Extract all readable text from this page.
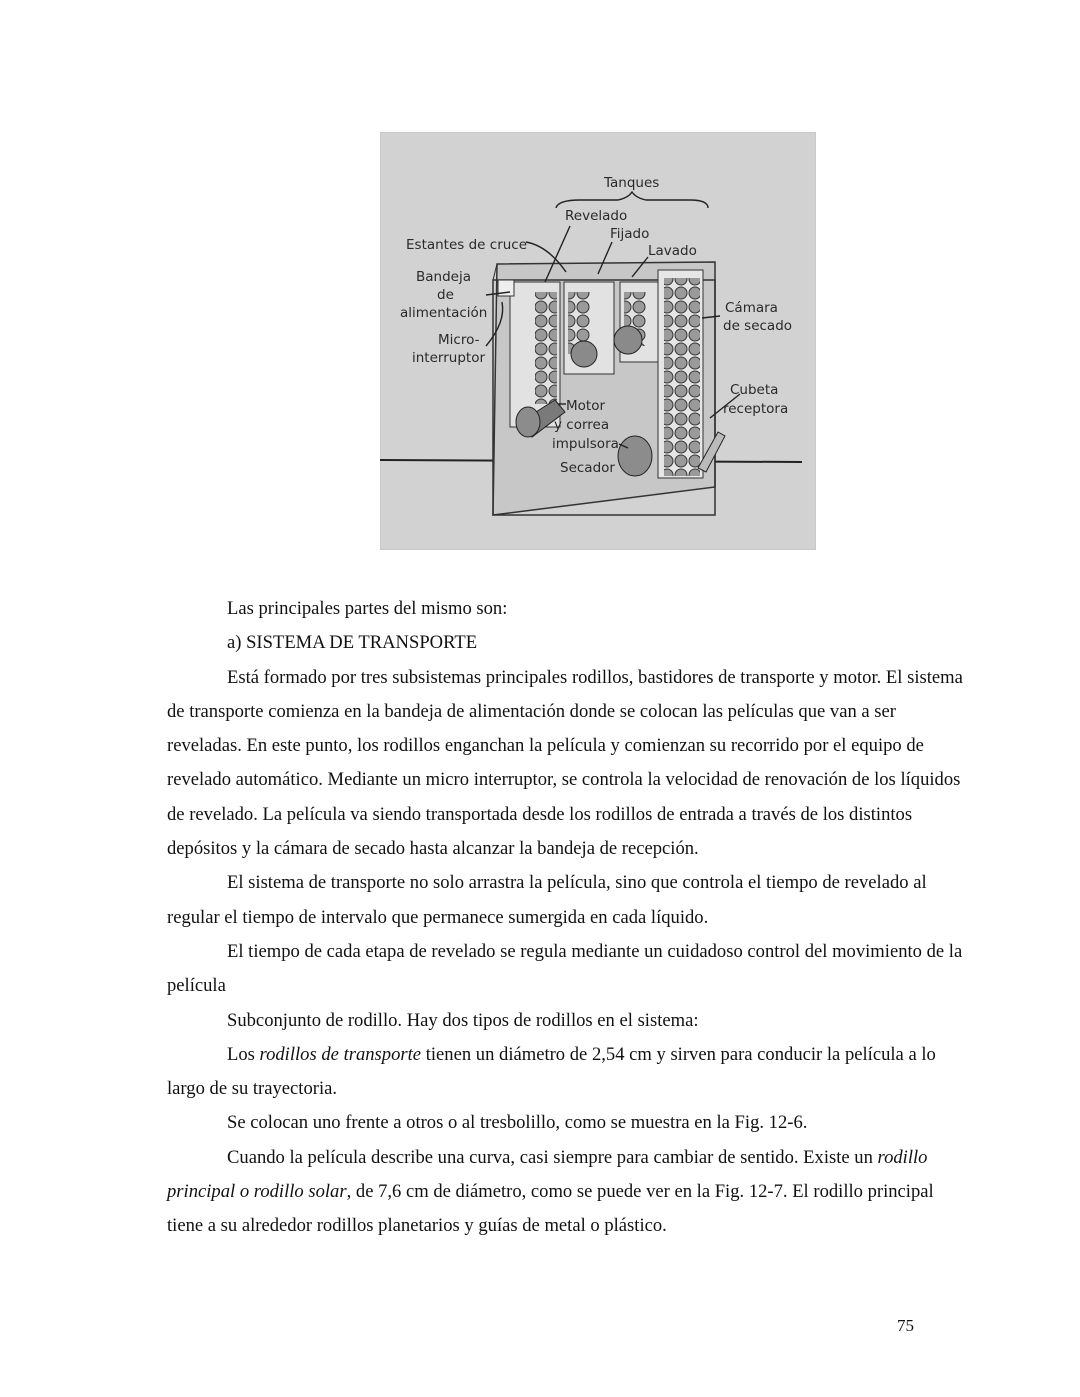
Tanques
Revelado
Fijado
Lavado
Estantes de cruce
Bandeja
de
alimentación
Micro-
interruptor
Cámara
de secado
Cubeta
receptora
Motor
y correa
impulsora
Secador

Las principales partes del mismo son:

a) SISTEMA DE TRANSPORTE

Está formado por tres subsistemas principales rodillos, bastidores de transporte y motor. El sistema de transporte comienza en la bandeja de alimentación donde se colocan las películas que van a ser reveladas. En este punto, los rodillos enganchan la película y comienzan su recorrido por el equipo de revelado automático. Mediante un micro interruptor, se controla la velocidad de renovación de los líquidos de revelado. La película va siendo transportada desde los rodillos de entrada a través de los distintos depósitos y la cámara de secado hasta alcanzar la bandeja de recepción.

El sistema de transporte no solo arrastra la película, sino que controla el tiempo de revelado al regular el tiempo de intervalo que permanece sumergida en cada líquido.

El tiempo de cada etapa de revelado se regula mediante un cuidadoso control del movimiento de la película

Subconjunto de rodillo. Hay dos tipos de rodillos en el sistema:

Los rodillos de transporte tienen un diámetro de 2,54 cm y sirven para conducir la película a lo largo de su trayectoria.

Se colocan uno frente a otros o al tresbolillo, como se muestra en la Fig. 12-6.

Cuando la película describe una curva, casi siempre para cambiar de sentido. Existe un rodillo principal o rodillo solar, de 7,6 cm de diámetro, como se puede ver en la Fig. 12-7. El rodillo principal tiene a su alrededor rodillos planetarios y guías de metal o plástico.

75
